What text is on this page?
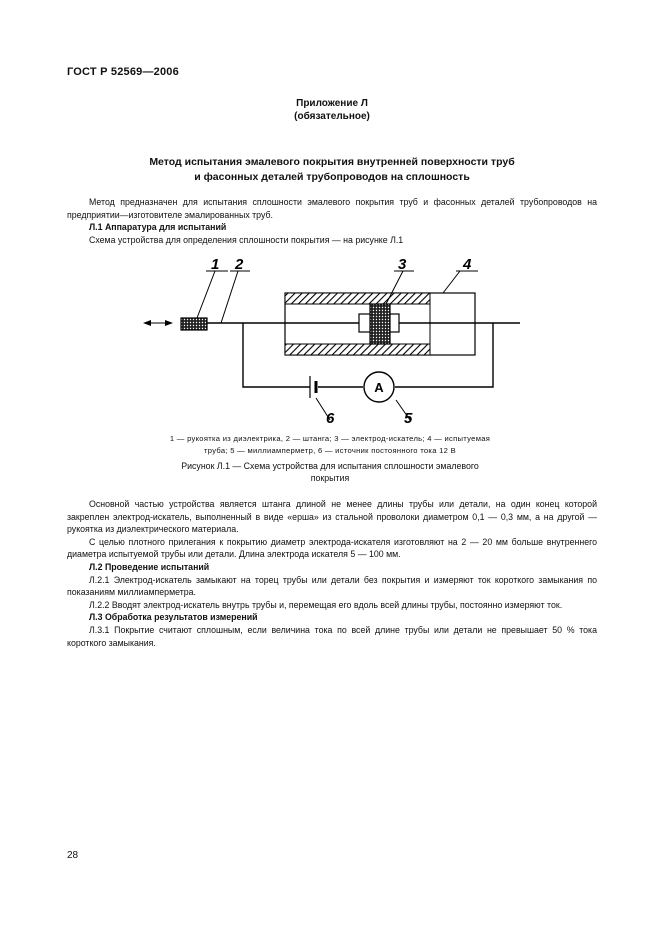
ГОСТ Р 52569—2006
Приложение Л
(обязательное)
Метод испытания эмалевого покрытия внутренней поверхности труб
и фасонных деталей трубопроводов на сплошность

Метод предназначен для испытания сплошности эмалевого покрытия труб и фасонных деталей трубопроводов на предприятии—изготовителе эмалированных труб.

Л.1 Аппаратура для испытаний

Схема устройства для определения сплошности покрытия — на рисунке Л.1

A
1 2	3	4
5
6
1 — рукоятка из диэлектрика, 2 — штанга; 3 — электрод-искатель; 4 — испытуемая
труба; 5 — миллиамперметр, 6 — источник постоянного тока 12 В
Рисунок Л.1 — Схема устройства для испытания сплошности эмалевого
покрытия

Основной частью устройства является штанга длиной не менее длины трубы или детали, на один конец которой закреплен электрод-искатель, выполненный в виде «ерша» из стальной проволоки диаметром 0,1 — 0,3 мм, а на другой — рукоятка из диэлектрического материала.

С целью плотного прилегания к покрытию диаметр электрода-искателя изготовляют на 2 — 20 мм больше внутреннего диаметра испытуемой трубы или детали. Длина электрода искателя 5 — 100 мм.

Л.2 Проведение испытаний

Л.2.1 Электрод-искатель замыкают на торец трубы или детали без покрытия и измеряют ток короткого замыкания по показаниям миллиамперметра.

Л.2.2 Вводят электрод-искатель внутрь трубы и, перемещая его вдоль всей длины трубы, постоянно измеряют ток.

Л.3 Обработка результатов измерений

Л.3.1 Покрытие считают сплошным, если величина тока по всей длине трубы или детали не превышает 50 % тока короткого замыкания.

28
